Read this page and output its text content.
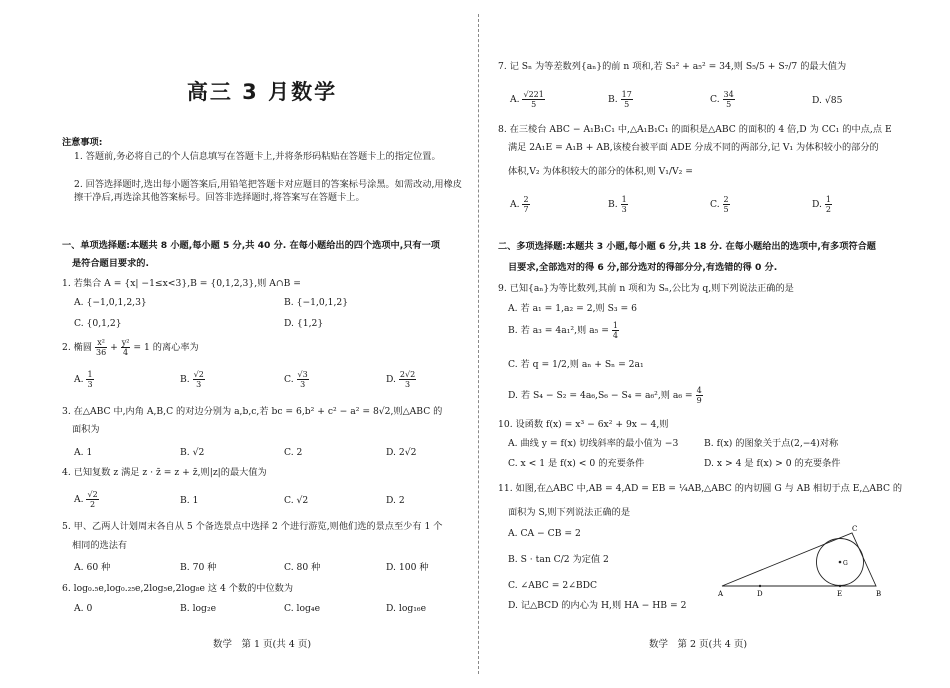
高三 3 月数学
注意事项:
1. 答题前,务必将自己的个人信息填写在答题卡上,并将条形码粘贴在答题卡上的指定位置。
2. 回答选择题时,选出每小题答案后,用铅笔把答题卡对应题目的答案标号涂黑。如需改动,用橡皮擦干净后,再选涂其他答案标号。回答非选择题时,将答案写在答题卡上。
一、单项选择题:本题共 8 小题,每小题 5 分,共 40 分. 在每小题给出的四个选项中,只有一项
是符合题目要求的.
1. 若集合 A = {x| −1≤x<3},B = {0,1,2,3},则 A∩B =
A. {−1,0,1,2,3}	B. {−1,0,1,2}
C. {0,1,2}	D. {1,2}
2. 椭圆 $\frac{\text{x²}}{36} + \frac{\text{y²}}{4} = 1$ 的离心率为
A. $\frac{1}{3}$	B. $\frac{√2}{3}$	C. $\frac{√3}{3}$	D. $\frac{2√2}{3}$
3. 在△ABC 中,内角 A,B,C 的对边分别为 a,b,c,若 bc = 6,b² + c² − a² = 8√2,则△ABC 的
面积为
A. 1	B. √2	C. 2	D. 2√2
4. 已知复数 z 满足 z · z̄ = z + z̄,则|z|的最大值为
A. $\frac{√2}{2}$	B. 1	C. √2	D. 2
5. 甲、乙两人计划周末各自从 5 个备选景点中选择 2 个进行游览,则他们选的景点至少有 1 个
相同的选法有
A. 60 种	B. 70 种	C. 80 种	D. 100 种
6. log₀.₅e,log₀.₂₅e,2log₅e,2log₈e 这 4 个数的中位数为
A. 0	B. log₂e	C. log₄e	D. log₁₆e
数学　第 1 页(共 4 页)
7. 记 Sₙ 为等差数列{aₙ}的前 n 项和,若 S₃² + a₅² = 34,则 S₅/5 + S₇/7 的最大值为
A. $\frac{√221}{5}$	B. $\frac{17}{5}$	C. $\frac{34}{5}$	D. √85
8. 在三棱台 ABC − A₁B₁C₁ 中,△A₁B₁C₁ 的面积是△ABC 的面积的 4 倍,D 为 CC₁ 的中点,点 E
满足 2A₁E = A₁B + AB,该棱台被平面 ADE 分成不同的两部分,记 V₁ 为体积较小的部分的
体积,V₂ 为体积较大的部分的体积,则 V₁/V₂ =
A. $\frac{2}{7}$	B. $\frac{1}{3}$	C. $\frac{2}{5}$	D. $\frac{1}{2}$
二、多项选择题:本题共 3 小题,每小题 6 分,共 18 分. 在每小题给出的选项中,有多项符合题
目要求,全部选对的得 6 分,部分选对的得部分分,有选错的得 0 分.
9. 已知{aₙ}为等比数列,其前 n 项和为 Sₙ,公比为 q,则下列说法正确的是
A. 若 a₁ = 1,a₂ = 2,则 S₃ = 6
B. 若 a₃ = 4a₁²,则 $a_5 = \frac{1}{4}$
C. 若 q = 1/2,则 aₙ + Sₙ = 2a₁
D. 若 S₄ − S₂ = 4a₆,S₆ − S₄ = a₆²,则 $a_6 = \frac{4}{9}$
10. 设函数 f(x) = x³ − 6x² + 9x − 4,则
A. 曲线 y = f(x) 切线斜率的最小值为 −3	B. f(x) 的图象关于点(2,−4)对称
C. x < 1 是 f(x) < 0 的充要条件	D. x > 4 是 f(x) > 0 的充要条件
11. 如图,在△ABC 中,AB = 4,AD = EB = ¼AB,△ABC 的内切圆 G 与 AB 相切于点 E,△ABC 的
面积为 S,则下列说法正确的是
A. CA − CB = 2
B. S · tan C/2 为定值 2
C. ∠ABC = 2∠BDC
D. 记△BCD 的内心为 H,则 HA − HB = 2
A	D	E	B
C
G
数学　第 2 页(共 4 页)
